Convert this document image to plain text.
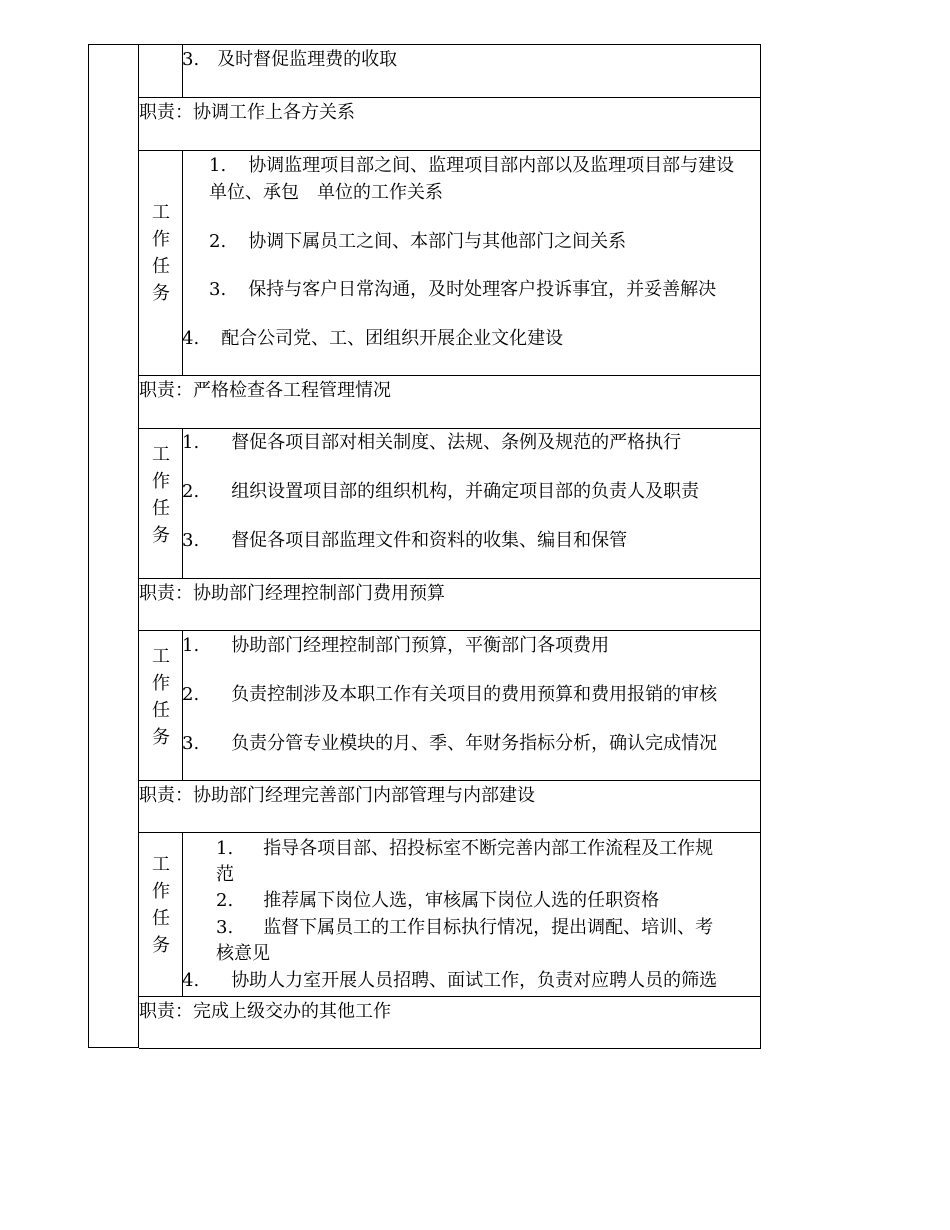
3. 及时督促监理费的收取
职责：协调工作上各方关系
工
作
任
务
1. 协调监理项目部之间、监理项目部内部以及监理项目部与建设
单位、承包　单位的工作关系
2. 协调下属员工之间、本部门与其他部门之间关系
3. 保持与客户日常沟通，及时处理客户投诉事宜，并妥善解决
4. 配合公司党、工、团组织开展企业文化建设
职责：严格检查各工程管理情况
工
作
任
务
1. 督促各项目部对相关制度、法规、条例及规范的严格执行
2. 组织设置项目部的组织机构，并确定项目部的负责人及职责
3. 督促各项目部监理文件和资料的收集、编目和保管
职责：协助部门经理控制部门费用预算
工
作
任
务
1. 协助部门经理控制部门预算，平衡部门各项费用
2. 负责控制涉及本职工作有关项目的费用预算和费用报销的审核
3. 负责分管专业模块的月、季、年财务指标分析，确认完成情况
职责：协助部门经理完善部门内部管理与内部建设
工
作
任
务
1. 指导各项目部、招投标室不断完善内部工作流程及工作规
范
2. 推荐属下岗位人选，审核属下岗位人选的任职资格
3. 监督下属员工的工作目标执行情况，提出调配、培训、考
核意见
4. 协助人力室开展人员招聘、面试工作，负责对应聘人员的筛选
职责：完成上级交办的其他工作
